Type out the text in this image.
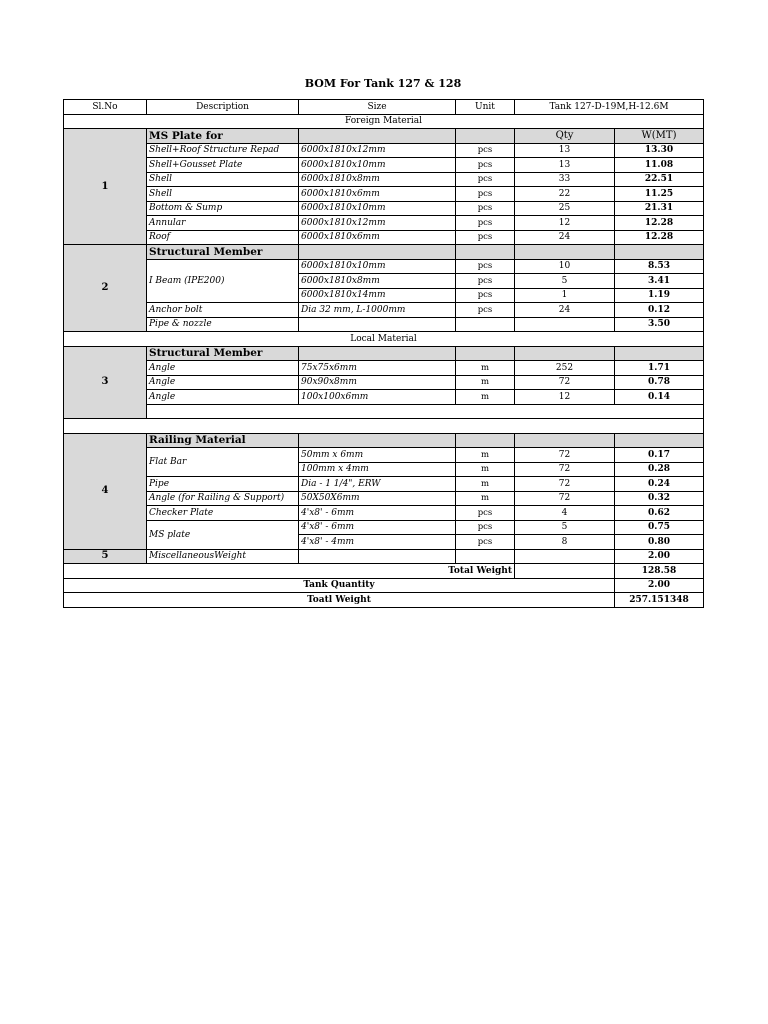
BOM For Tank 127 & 128
Sl.No	Description	Size	Unit	Tank 127-D-19M,H-12.6M	
Foreign Material					
1	MS Plate for			Qty	W(MT)
	Shell+Roof Structure Repad	6000x1810x12mm	pcs	13	13.30
	Shell+Gousset Plate	6000x1810x10mm	pcs	13	11.08
	Shell	6000x1810x8mm	pcs	33	22.51
	Shell	6000x1810x6mm	pcs	22	11.25
	Bottom & Sump	6000x1810x10mm	pcs	25	21.31
	Annular	6000x1810x12mm	pcs	12	12.28
	Roof	6000x1810x6mm	pcs	24	12.28
2	Structural Member				
	I Beam (IPE200)	6000x1810x10mm	pcs	10	8.53
		6000x1810x8mm	pcs	5	3.41
		6000x1810x14mm	pcs	1	1.19
	Anchor bolt	Dia 32 mm, L-1000mm	pcs	24	0.12
	Pipe & nozzle				3.50
Local Material					
3	Structural Member				
	Angle	75x75x6mm	m	252	1.71
	Angle	90x90x8mm	m	72	0.78
	Angle	100x100x6mm	m	12	0.14

4	Railing Material				
	Flat Bar	50mm x 6mm	m	72	0.17
		100mm x 4mm	m	72	0.28
	Pipe	Dia - 1 1/4", ERW	m	72	0.24
	Angle (for Railing & Support)	50X50X6mm	m	72	0.32
	Checker Plate	4'x8' - 6mm	pcs	4	0.62
	MS plate	4'x8' - 6mm	pcs	5	0.75
		4'x8' - 4mm	pcs	8	0.80
5	MiscellaneousWeight				2.00
Total Weight					128.58
Tank Quantity					2.00
Toatl Weight					257.151348
